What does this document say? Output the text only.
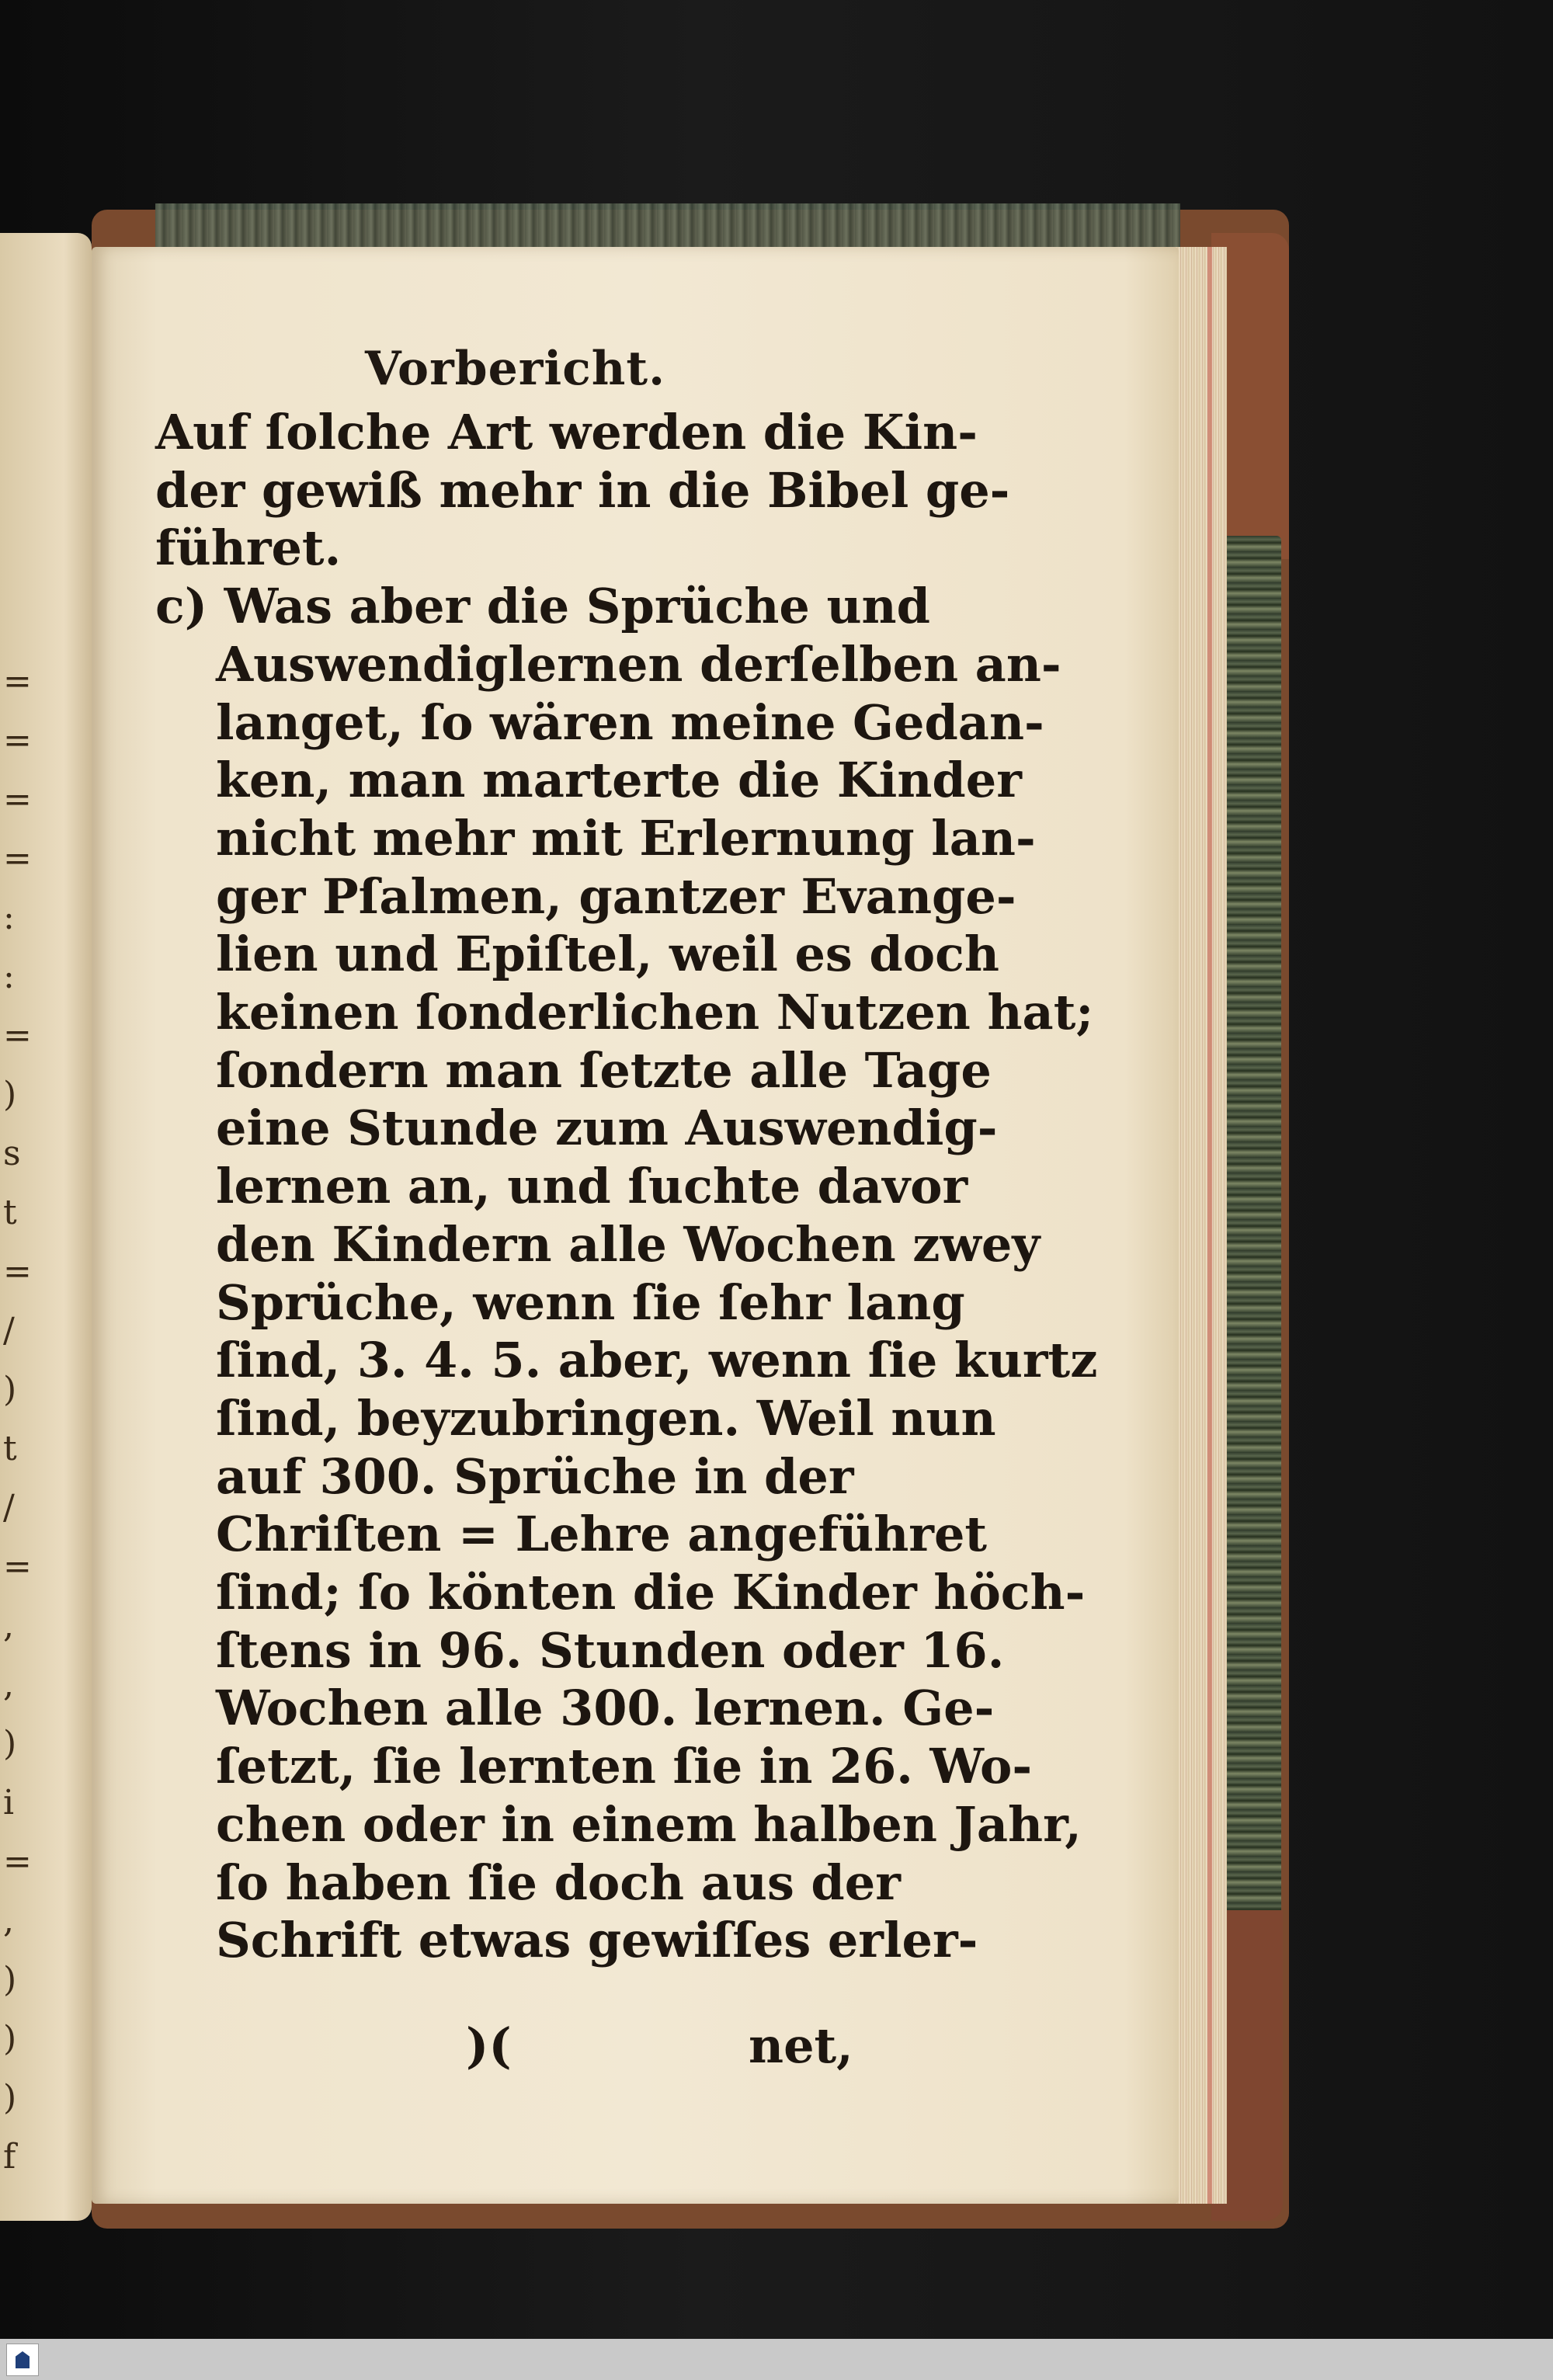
=
=
=
=
:
:
=
)
s
t
=
/
)
t
/
=
,
,
)
i
=
,
)
)
)
f
Vorbericht.
Auf ſolche Art werden die Kin-
der gewiß mehr in die Bibel ge-
führet.
c) Was aber die Sprüche und
Auswendiglernen derſelben an-
langet, ſo wären meine Gedan-
ken, man marterte die Kinder
nicht mehr mit Erlernung lan-
ger Pſalmen, gantzer Evange-
lien und Epiſtel, weil es doch
keinen ſonderlichen Nutzen hat;
ſondern man ſetzte alle Tage
eine Stunde zum Auswendig-
lernen an, und ſuchte davor
den Kindern alle Wochen zwey
Sprüche, wenn ſie ſehr lang
ſind, 3. 4. 5. aber, wenn ſie kurtz
ſind, beyzubringen. Weil nun
auf 300. Sprüche in der
Chriſten = Lehre angeführet
ſind; ſo könten die Kinder höch-
ſtens in 96. Stunden oder 16.
Wochen alle 300. lernen. Ge-
ſetzt, ſie lernten ſie in 26. Wo-
chen oder in einem halben Jahr,
ſo haben ſie doch aus der
Schrift etwas gewiſſes erler-
)(	net,
